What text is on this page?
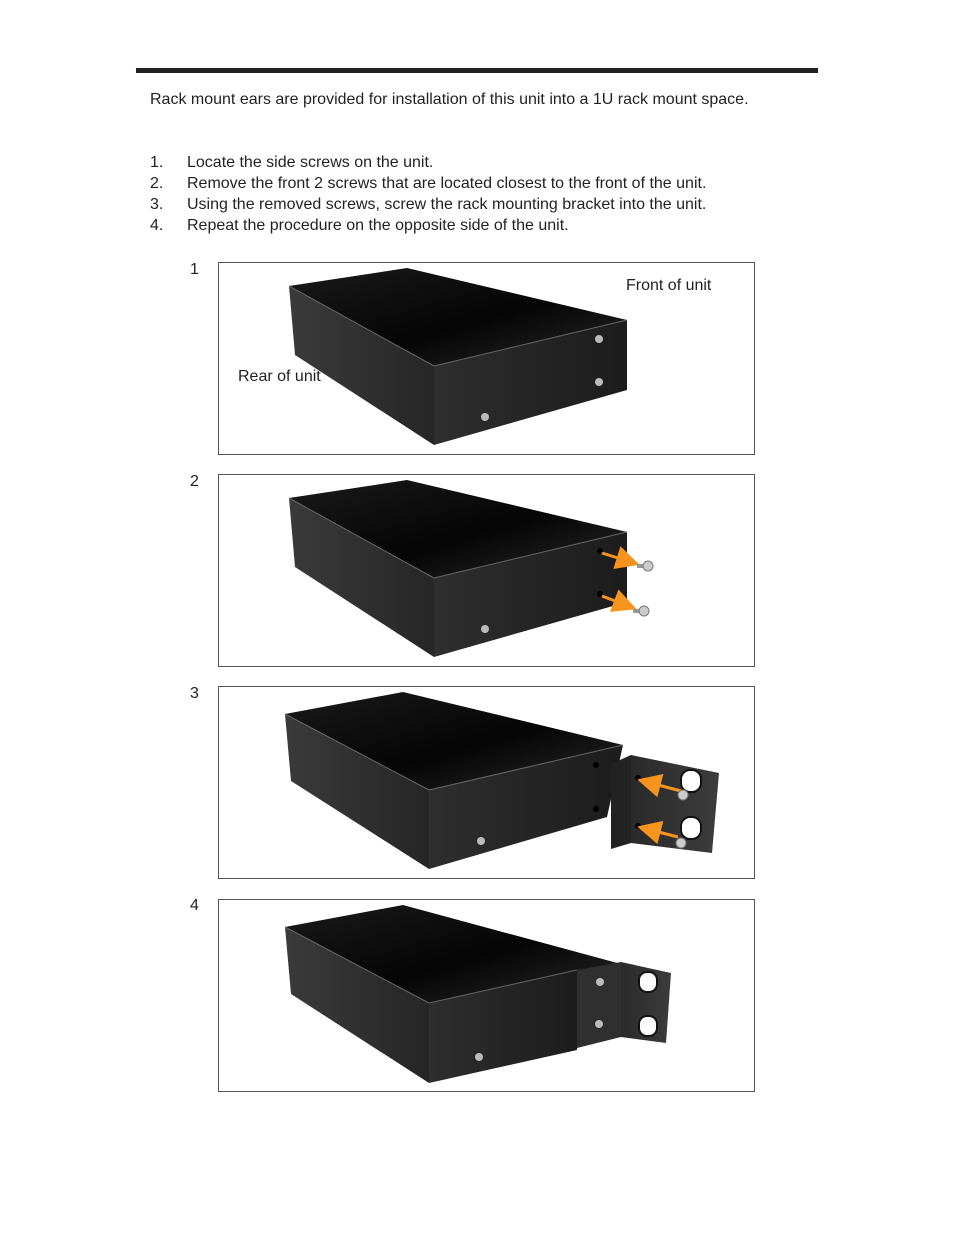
Rack mount ears are provided for installation of this unit into a 1U rack mount space.

1. Locate the side screws on the unit.
2. Remove the front 2 screws that are located closest to the front of the unit.
3. Using the removed screws, screw the rack mounting bracket into the unit.
4. Repeat the procedure on the opposite side of the unit.
1
Front of unit
Rear of unit
2
3
4
